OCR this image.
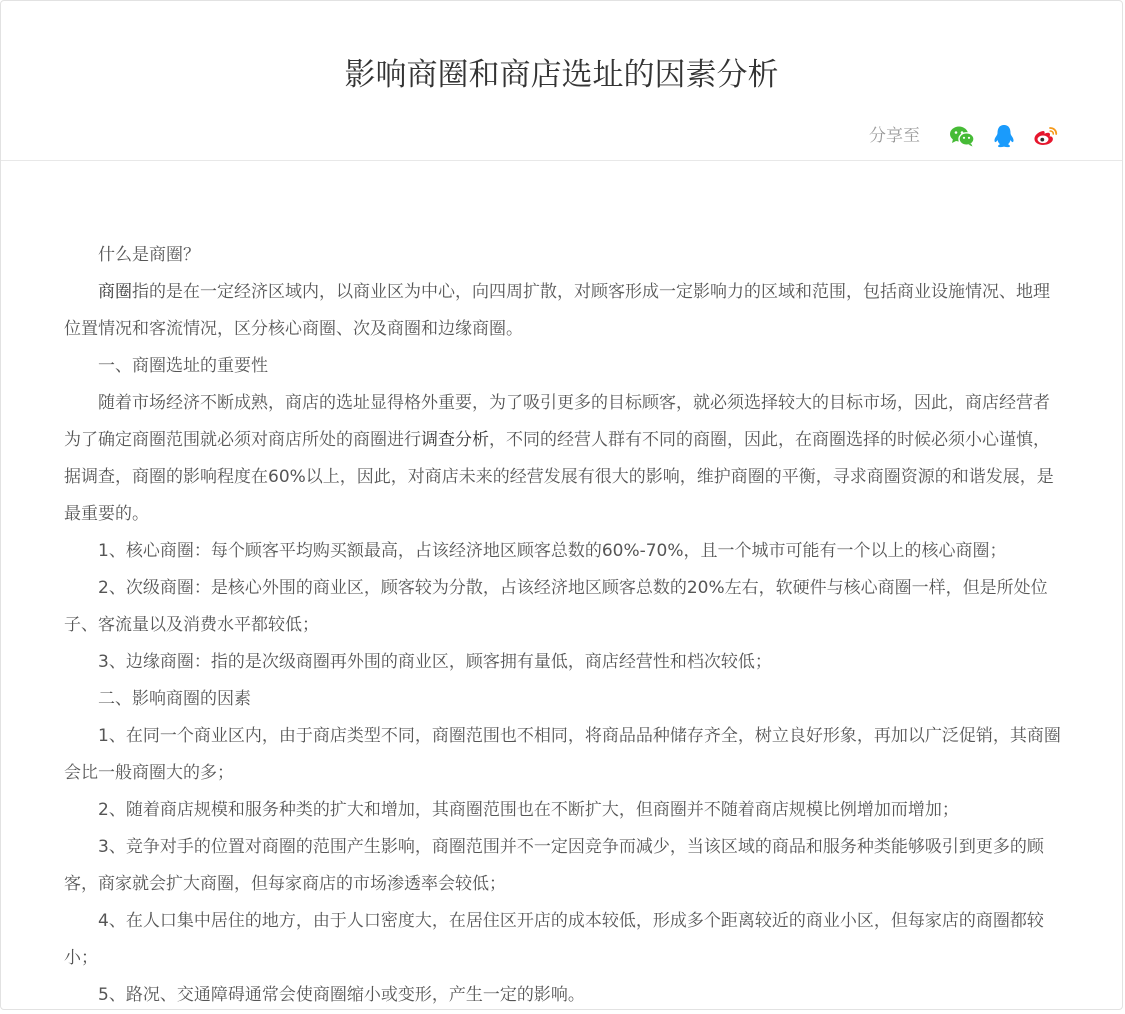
影响商圈和商店选址的因素分析
分享至

什么是商圈？

商圈指的是在一定经济区域内，以商业区为中心，向四周扩散，对顾客形成一定影响力的区域和范围，包括商业设施情况、地理位置情况和客流情况，区分核心商圈、次及商圈和边缘商圈。

一、商圈选址的重要性

随着市场经济不断成熟，商店的选址显得格外重要，为了吸引更多的目标顾客，就必须选择较大的目标市场，因此，商店经营者为了确定商圈范围就必须对商店所处的商圈进行调查分析，不同的经营人群有不同的商圈，因此，在商圈选择的时候必须小心谨慎，据调查，商圈的影响程度在60%以上，因此，对商店未来的经营发展有很大的影响，维护商圈的平衡，寻求商圈资源的和谐发展，是最重要的。

1、核心商圈：每个顾客平均购买额最高，占该经济地区顾客总数的60%-70%，且一个城市可能有一个以上的核心商圈；

2、次级商圈：是核心外围的商业区，顾客较为分散，占该经济地区顾客总数的20%左右，软硬件与核心商圈一样，但是所处位子、客流量以及消费水平都较低；

3、边缘商圈：指的是次级商圈再外围的商业区，顾客拥有量低，商店经营性和档次较低；

二、影响商圈的因素

1、在同一个商业区内，由于商店类型不同，商圈范围也不相同，将商品品种储存齐全，树立良好形象，再加以广泛促销，其商圈会比一般商圈大的多；

2、随着商店规模和服务种类的扩大和增加，其商圈范围也在不断扩大，但商圈并不随着商店规模比例增加而增加；

3、竞争对手的位置对商圈的范围产生影响，商圈范围并不一定因竞争而减少，当该区域的商品和服务种类能够吸引到更多的顾客，商家就会扩大商圈，但每家商店的市场渗透率会较低；

4、在人口集中居住的地方，由于人口密度大，在居住区开店的成本较低，形成多个距离较近的商业小区，但每家店的商圈都较小；

5、路况、交通障碍通常会使商圈缩小或变形，产生一定的影响。
